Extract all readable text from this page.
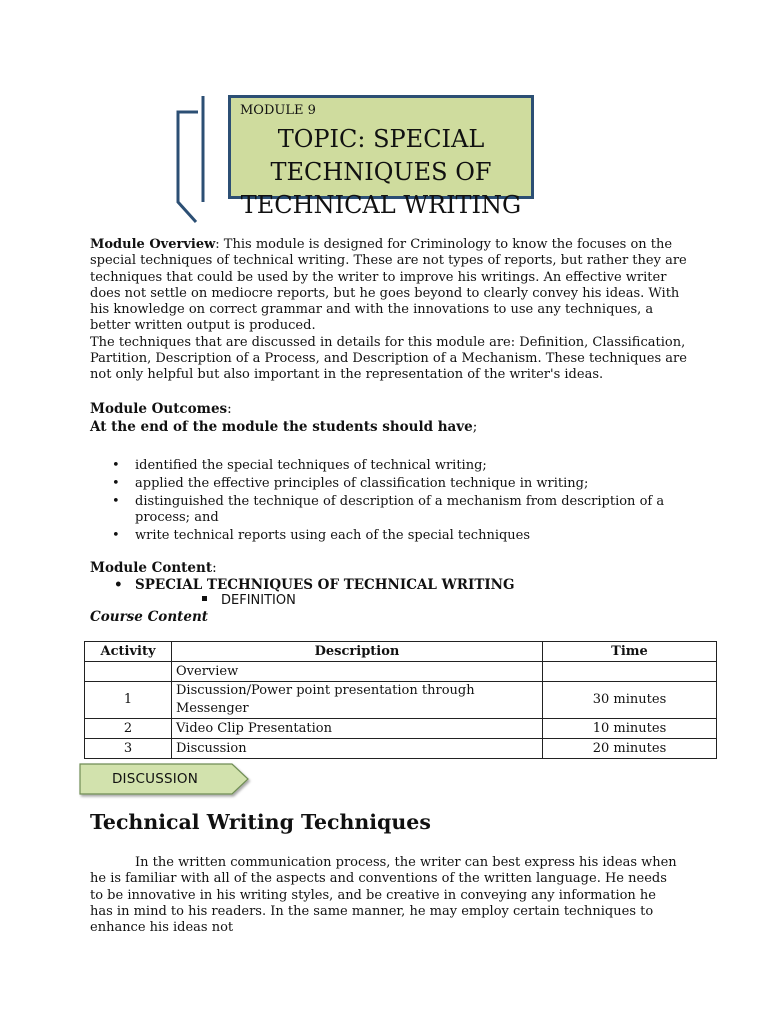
MODULE 9
TOPIC: SPECIAL TECHNIQUES OF TECHNICAL WRITING

Module Overview: This module is designed for Criminology to know the focuses on the special techniques of technical writing. These are not types of reports, but rather they are techniques that could be used by the writer to improve his writings. An effective writer does not settle on mediocre reports, but he goes beyond to clearly convey his ideas. With his knowledge on correct grammar and with the innovations to use any techniques, a better written output is produced.

The techniques that are discussed in details for this module are: Definition, Classification, Partition, Description of a Process, and Description of a Mechanism. These techniques are not only helpful but also important in the representation of the writer's ideas.

Module Outcomes:
At the end of the module the students should have;
• identified the special techniques of technical writing;
• applied the effective principles of classification technique in writing;
• distinguished the technique of description of a mechanism from description of a process; and
• write technical reports using each of the special techniques
Module Content:
• SPECIAL TECHNIQUES OF TECHNICAL WRITING
DEFINITION
Course Content
Activity	Description	Time
	Overview	
1	Discussion/Power point presentation through Messenger	30 minutes
2	Video Clip Presentation	10 minutes
3	Discussion	20 minutes
DISCUSSION
Technical Writing Techniques

In the written communication process, the writer can best express his ideas when he is familiar with all of the aspects and conventions of the written language. He needs to be innovative in his writing styles, and be creative in conveying any information he has in mind to his readers. In the same manner, he may employ certain techniques to enhance his ideas not
